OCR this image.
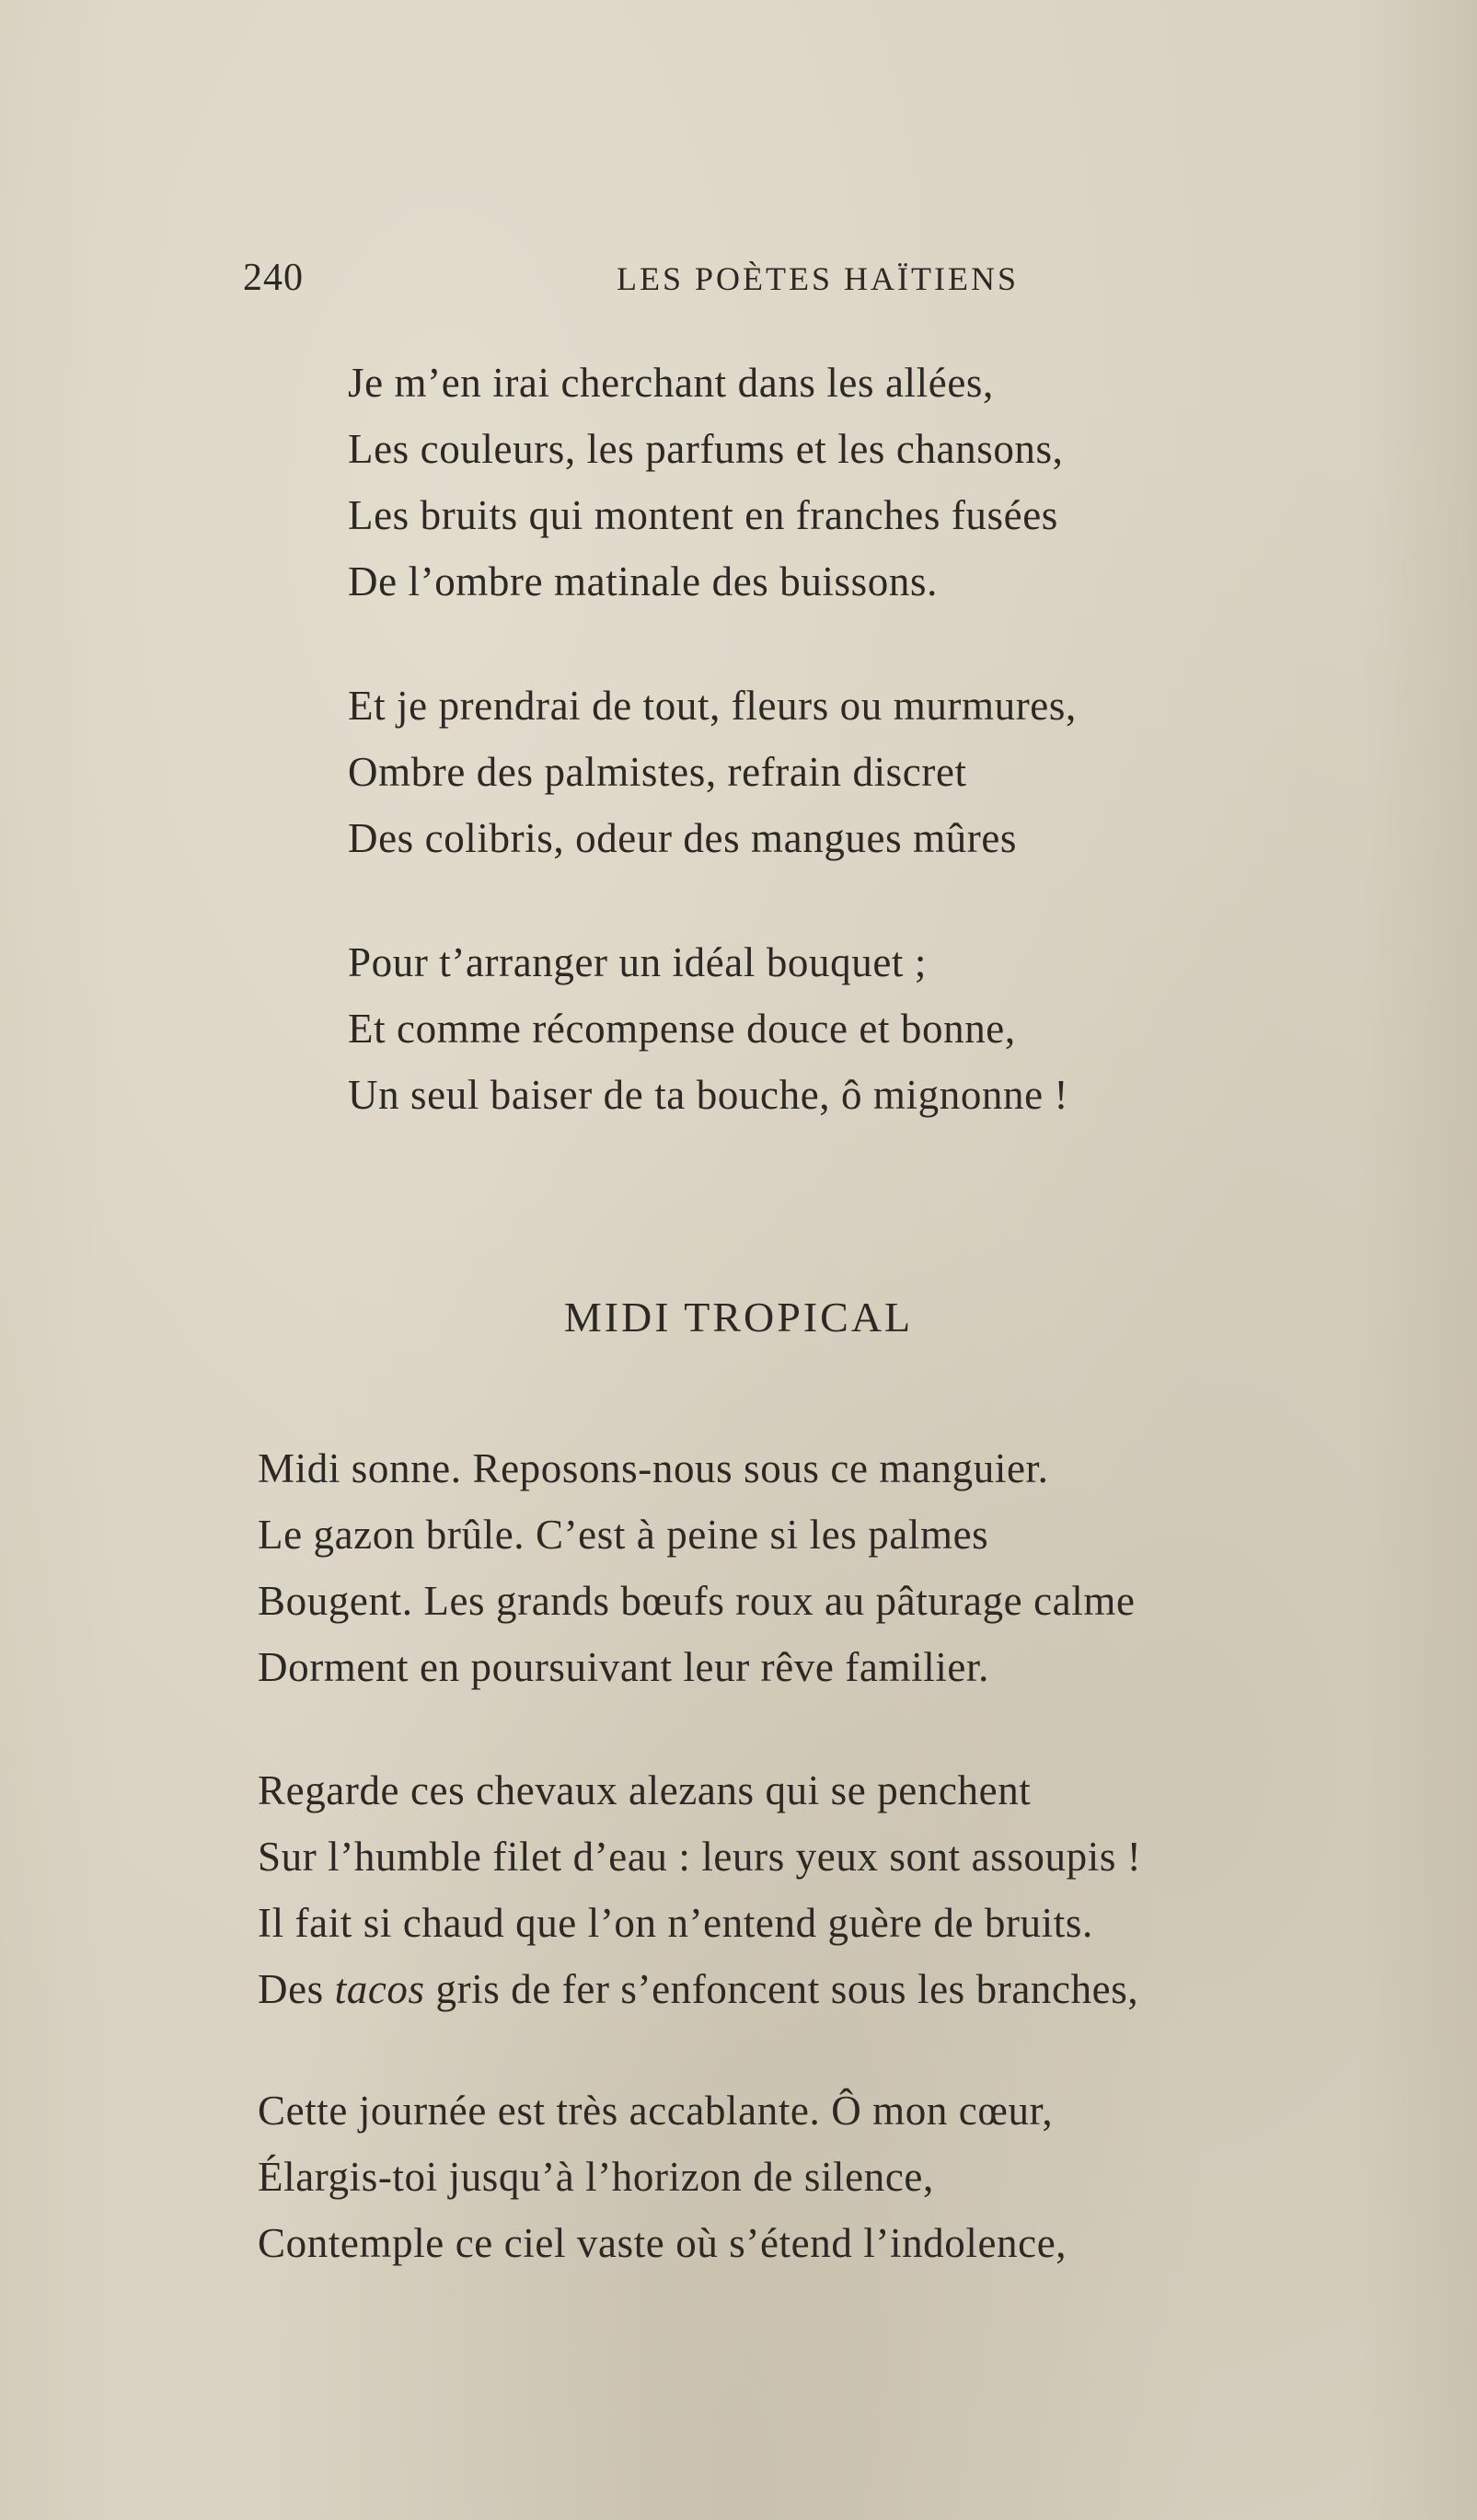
240	LES POÈTES HAÏTIENS
Je m’en irai cherchant dans les allées,
Les couleurs, les parfums et les chansons,
Les bruits qui montent en franches fusées
De l’ombre matinale des buissons.
Et je prendrai de tout, fleurs ou murmures,
Ombre des palmistes, refrain discret
Des colibris, odeur des mangues mûres
Pour t’arranger un idéal bouquet ;
Et comme récompense douce et bonne,
Un seul baiser de ta bouche, ô mignonne !
MIDI TROPICAL
Midi sonne. Reposons-nous sous ce manguier.
Le gazon brûle. C’est à peine si les palmes
Bougent. Les grands bœufs roux au pâturage calme
Dorment en poursuivant leur rêve familier.
Regarde ces chevaux alezans qui se penchent
Sur l’humble filet d’eau : leurs yeux sont assoupis !
Il fait si chaud que l’on n’entend guère de bruits.
Des tacos gris de fer s’enfoncent sous les branches,
Cette journée est très accablante. Ô mon cœur,
Élargis-toi jusqu’à l’horizon de silence,
Contemple ce ciel vaste où s’étend l’indolence,
